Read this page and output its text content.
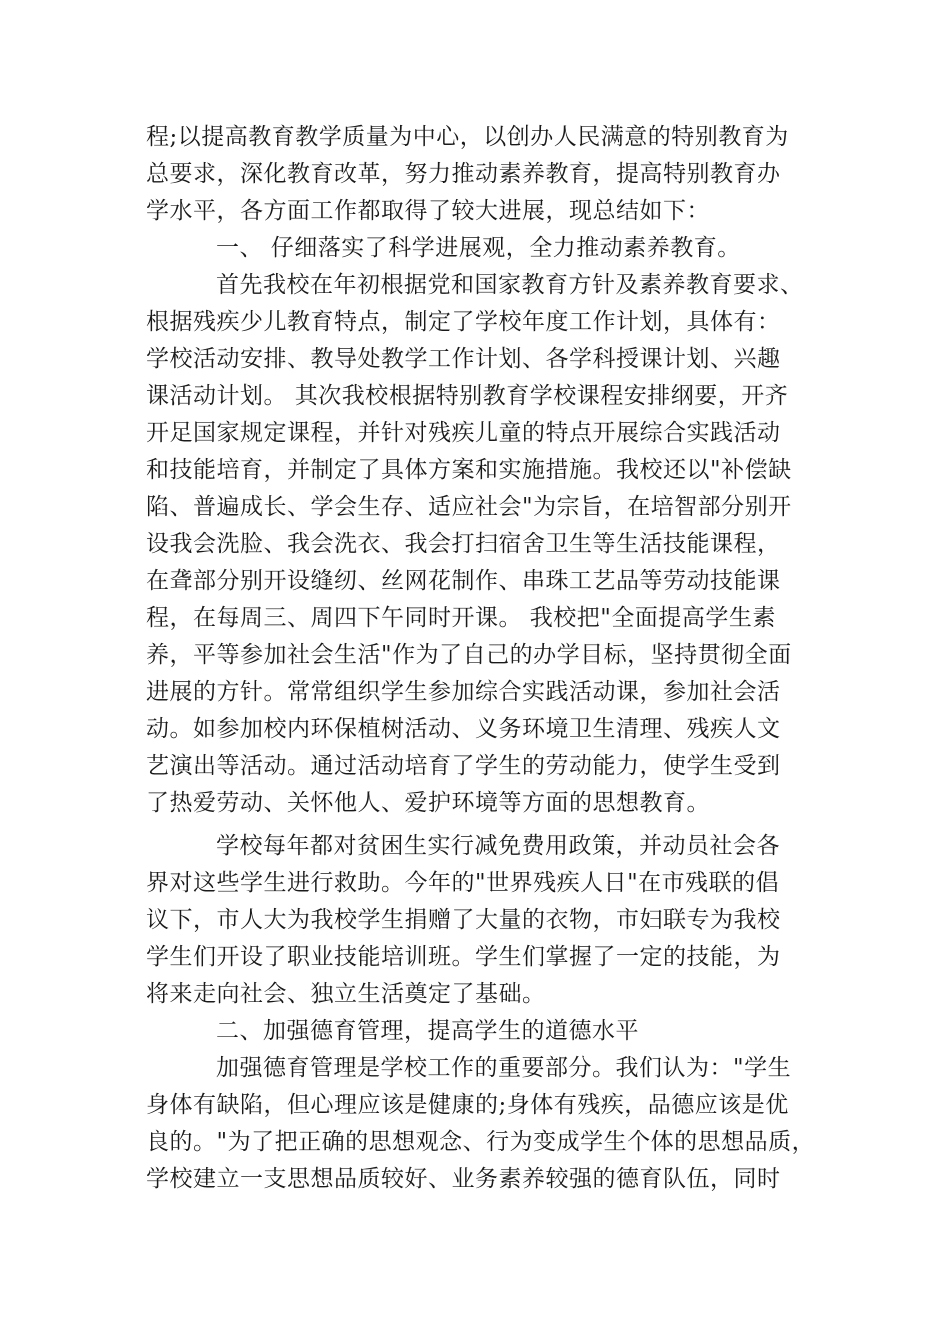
程;以提高教育教学质量为中心，以创办人民满意的特别教育为
总要求，深化教育改革，努力推动素养教育，提高特别教育办
学水平，各方面工作都取得了较大进展，现总结如下：
一、 仔细落实了科学进展观，全力推动素养教育。
首先我校在年初根据党和国家教育方针及素养教育要求、
根据残疾少儿教育特点，制定了学校年度工作计划，具体有：
学校活动安排、教导处教学工作计划、各学科授课计划、兴趣
课活动计划。 其次我校根据特别教育学校课程安排纲要，开齐
开足国家规定课程，并针对残疾儿童的特点开展综合实践活动
和技能培育，并制定了具体方案和实施措施。我校还以"补偿缺
陷、普遍成长、学会生存、适应社会"为宗旨，在培智部分别开
设我会洗脸、我会洗衣、我会打扫宿舍卫生等生活技能课程，
在聋部分别开设缝纫、丝网花制作、串珠工艺品等劳动技能课
程，在每周三、周四下午同时开课。 我校把"全面提高学生素
养，平等参加社会生活"作为了自己的办学目标，坚持贯彻全面
进展的方针。常常组织学生参加综合实践活动课，参加社会活
动。如参加校内环保植树活动、义务环境卫生清理、残疾人文
艺演出等活动。通过活动培育了学生的劳动能力，使学生受到
了热爱劳动、关怀他人、爱护环境等方面的思想教育。
学校每年都对贫困生实行减免费用政策，并动员社会各
界对这些学生进行救助。今年的"世界残疾人日"在市残联的倡
议下，市人大为我校学生捐赠了大量的衣物，市妇联专为我校
学生们开设了职业技能培训班。学生们掌握了一定的技能，为
将来走向社会、独立生活奠定了基础。
二、加强德育管理，提高学生的道德水平
加强德育管理是学校工作的重要部分。我们认为："学生
身体有缺陷，但心理应该是健康的;身体有残疾，品德应该是优
良的。"为了把正确的思想观念、行为变成学生个体的思想品质，
学校建立一支思想品质较好、业务素养较强的德育队伍，同时
